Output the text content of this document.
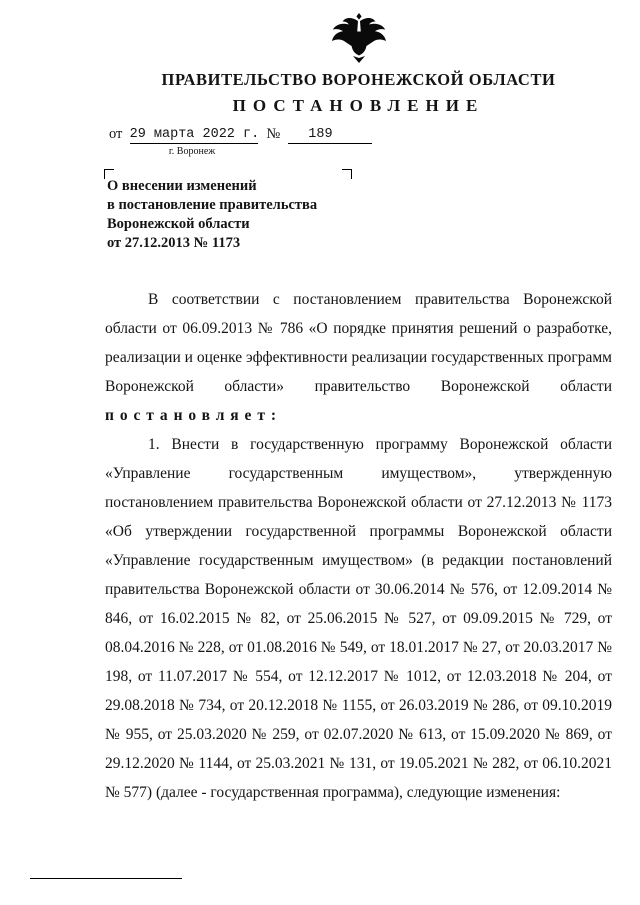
ПРАВИТЕЛЬСТВО ВОРОНЕЖСКОЙ ОБЛАСТИ
ПОСТАНОВЛЕНИЕ
от 29 марта 2022 г. № 189
г. Воронеж
О внесении изменений
в постановление правительства
Воронежской области
от 27.12.2013 № 1173

В соответствии с постановлением правительства Воронежской области от 06.09.2013 № 786 «О порядке принятия решений о разработке, реализации и оценке эффективности реализации государственных программ Воронежской области» правительство Воронежской области постановляет:

1. Внести в государственную программу Воронежской области «Управление государственным имуществом», утвержденную постановлением правительства Воронежской области от 27.12.2013 № 1173 «Об утверждении государственной программы Воронежской области «Управление государственным имуществом» (в редакции постановлений правительства Воронежской области от 30.06.2014 № 576, от 12.09.2014 № 846, от 16.02.2015 № 82, от 25.06.2015 № 527, от 09.09.2015 № 729, от 08.04.2016 № 228, от 01.08.2016 № 549, от 18.01.2017 № 27, от 20.03.2017 № 198, от 11.07.2017 № 554, от 12.12.2017 № 1012, от 12.03.2018 № 204, от 29.08.2018 № 734, от 20.12.2018 № 1155, от 26.03.2019 № 286, от 09.10.2019 № 955, от 25.03.2020 № 259, от 02.07.2020 № 613, от 15.09.2020 № 869, от 29.12.2020 № 1144, от 25.03.2021 № 131, от 19.05.2021 № 282, от 06.10.2021 № 577) (далее - государственная программа), следующие изменения:
